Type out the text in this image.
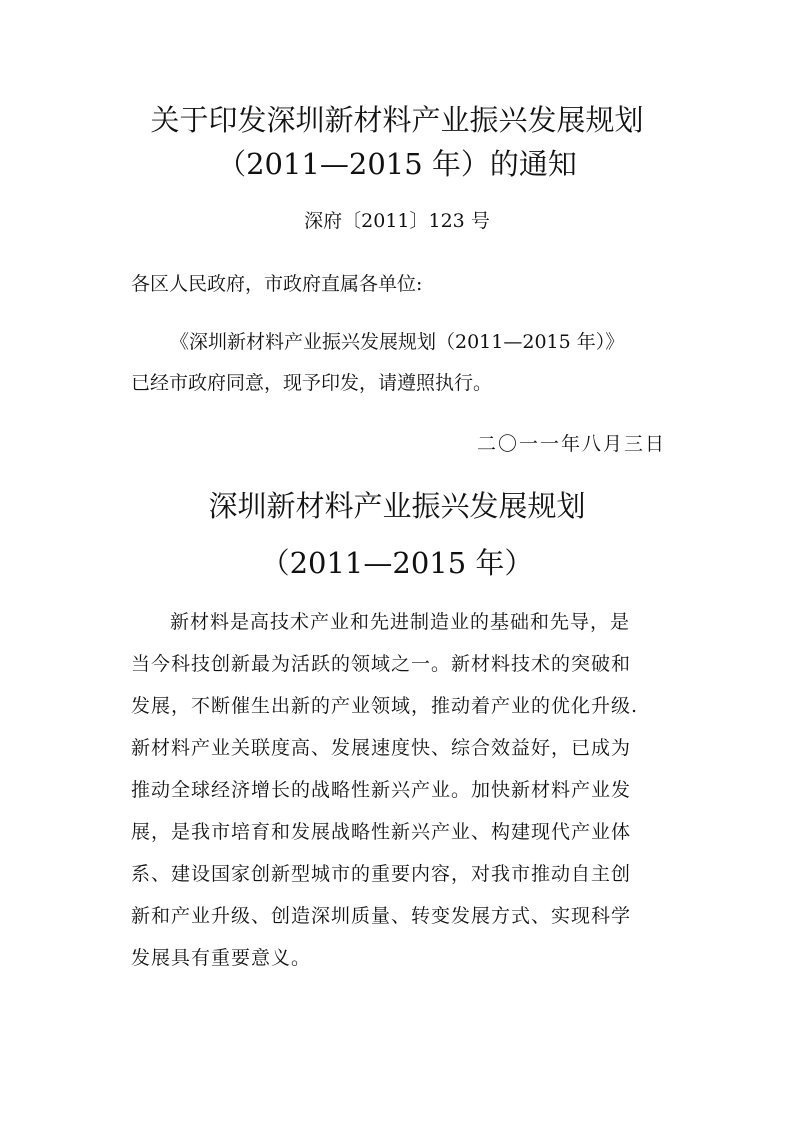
关于印发深圳新材料产业振兴发展规划
（2011—2015 年）的通知
深府〔2011〕123 号
各区人民政府，市政府直属各单位:
《深圳新材料产业振兴发展规划（2011—2015 年）》
已经市政府同意，现予印发，请遵照执行。
二〇一一年八月三日
深圳新材料产业振兴发展规划
（2011—2015 年）
新材料是高技术产业和先进制造业的基础和先导，是
当今科技创新最为活跃的领域之一。新材料技术的突破和
发展，不断催生出新的产业领域，推动着产业的优化升级.
新材料产业关联度高、发展速度快、综合效益好，已成为
推动全球经济增长的战略性新兴产业。加快新材料产业发
展，是我市培育和发展战略性新兴产业、构建现代产业体
系、建设国家创新型城市的重要内容，对我市推动自主创
新和产业升级、创造深圳质量、转变发展方式、实现科学
发展具有重要意义。
